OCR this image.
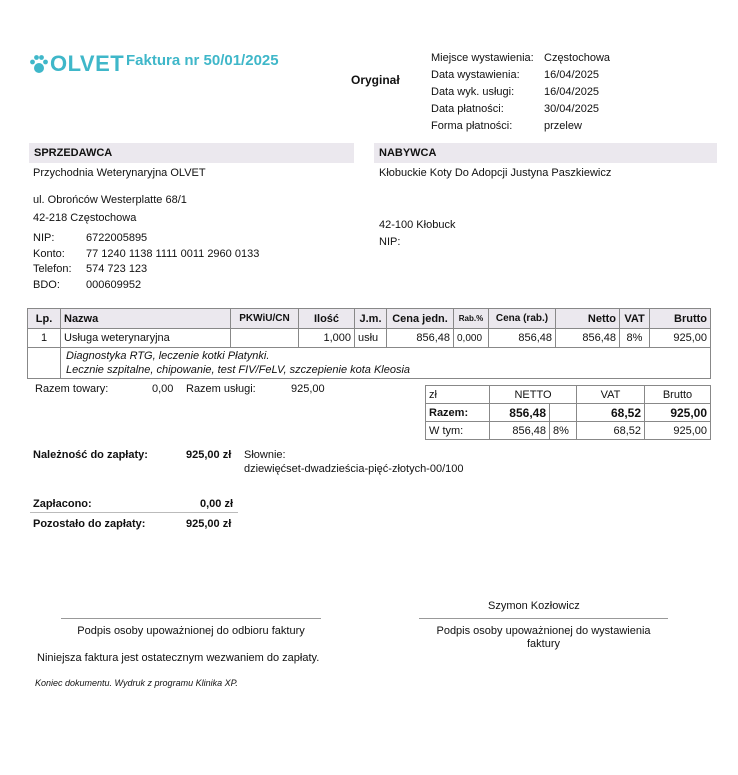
OLVET Faktura nr 50/01/2025
Oryginał
Miejsce wystawienia: Częstochowa
Data wystawienia: 16/04/2025
Data wyk. usługi:	16/04/2025
Data płatności:	30/04/2025
Forma płatności:	przelew
SPRZEDAWCA
Przychodnia Weterynaryjna OLVET
ul. Obrońców Westerplatte 68/1
42-218 Częstochowa
NIP:	6722005895
Konto: 77 1240 1138 1111 0011 2960 0133
Telefon: 574 723 123
BDO: 000609952
NABYWCA
Kłobuckie Koty Do Adopcji Justyna Paszkiewicz
42-100 Kłobuck
NIP:
Lp.	Nazwa	PKWiU/CN	Ilość	J.m.	Cena jedn.	Rab.%	Cena (rab.)	Netto	VAT	Brutto
1	Usługa weterynaryjna		1,000	usłu	856,48	0,000	856,48	856,48	8%	925,00

	Diagnostyka RTG, leczenie kotki Płatynki.
Lecznie szpitalne, chipowanie, test FIV/FeLV, szczepienie kota Kleosia									
Razem towary:	0,00 Razem usługi:	925,00	zł	NETTO		VAT	Brutto
Razem:	856,48		68,52	925,00
W tym:	856,48	8%	68,52	925,00
Należność do zapłaty:	925,00 zł Słownie:
dziewięćset-dwadzieścia-pięć-złotych-00/100
Zapłacono:	0,00 zł
Pozostało do zapłaty:	925,00 zł
Szymon Kozłowicz
Podpis osoby upoważnionej do odbioru faktury	Podpis osoby upoważnionej do wystawienia
faktury
Niniejsza faktura jest ostatecznym wezwaniem do zapłaty.
Koniec dokumentu. Wydruk z programu Klinika XP.
